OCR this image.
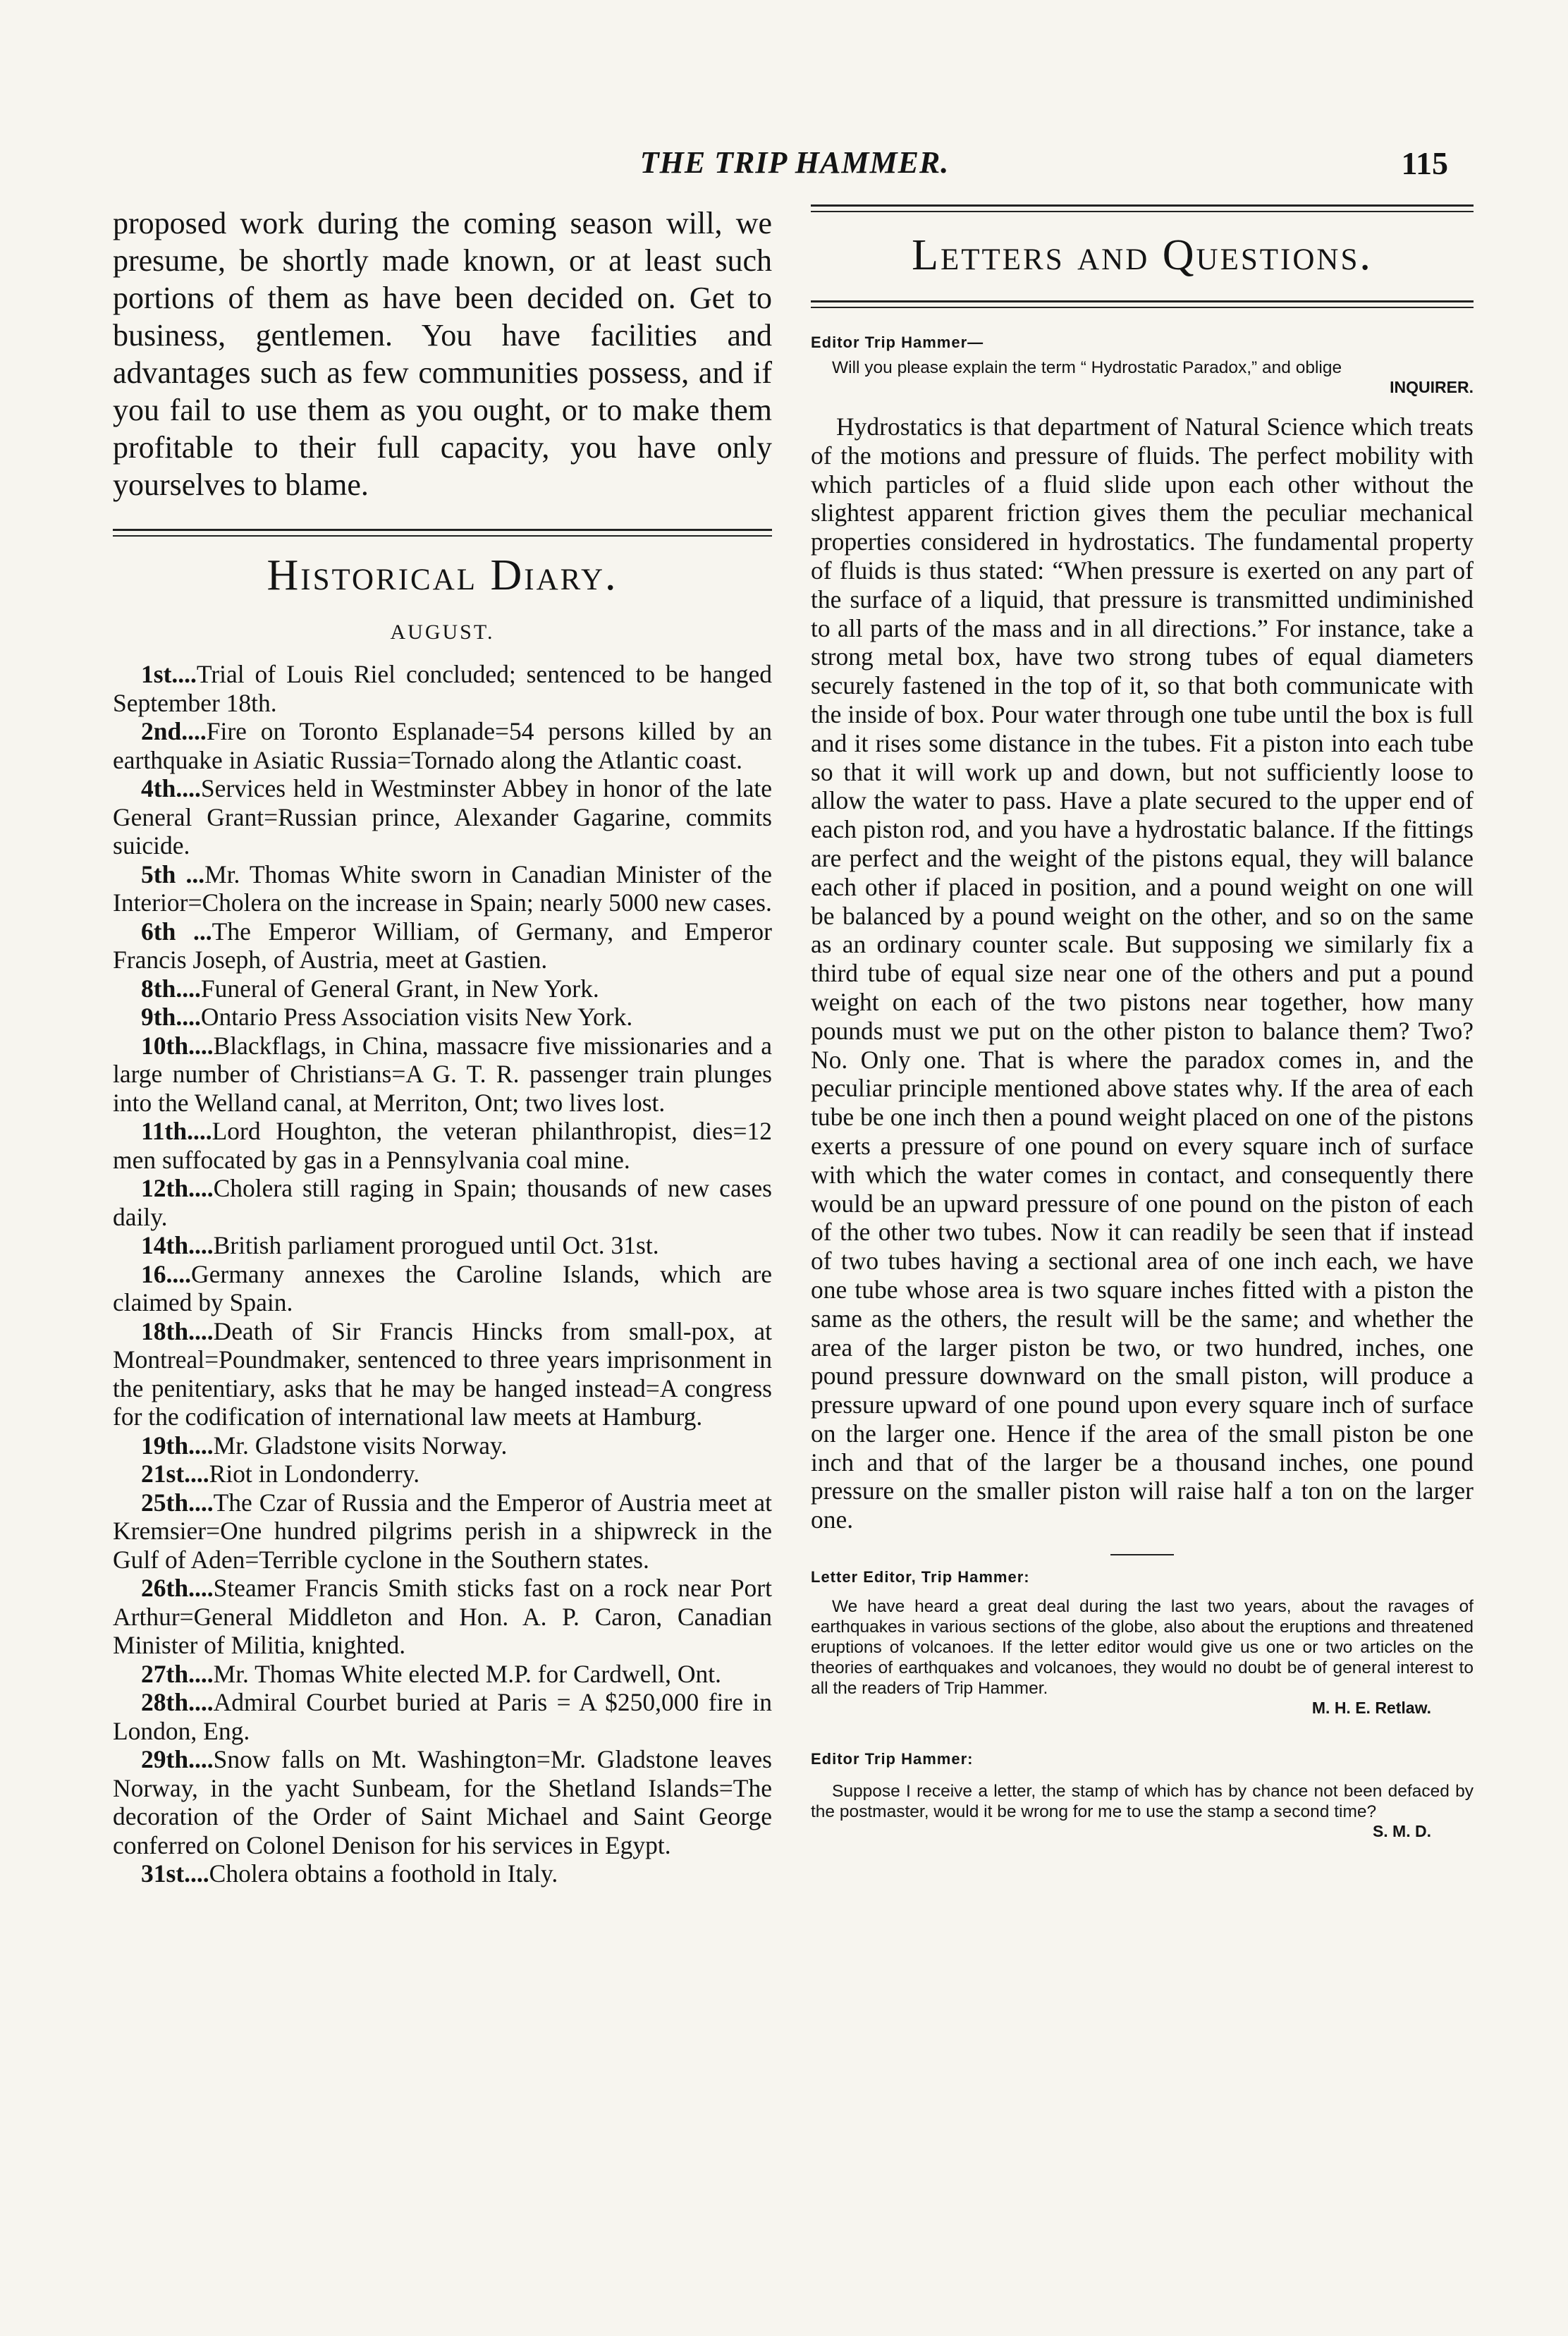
THE TRIP HAMMER.	115

proposed work during the coming season will, we presume, be shortly made known, or at least such portions of them as have been decided on. Get to business, gentlemen. You have facilities and advantages such as few communities possess, and if you fail to use them as you ought, or to make them profitable to their full capacity, you have only yourselves to blame.

Historical Diary.
AUGUST.

1st....Trial of Louis Riel concluded; sentenced to be hanged September 18th.

2nd....Fire on Toronto Esplanade=54 persons killed by an earthquake in Asiatic Russia=Tornado along the Atlantic coast.

4th....Services held in Westminster Abbey in honor of the late General Grant=Russian prince, Alexander Gagarine, commits suicide.

5th ...Mr. Thomas White sworn in Canadian Minister of the Interior=Cholera on the increase in Spain; nearly 5000 new cases.

6th ...The Emperor William, of Germany, and Emperor Francis Joseph, of Austria, meet at Gastien.

8th....Funeral of General Grant, in New York.

9th....Ontario Press Association visits New York.

10th....Blackflags, in China, massacre five missionaries and a large number of Christians=A G. T. R. passenger train plunges into the Welland canal, at Merriton, Ont; two lives lost.

11th....Lord Houghton, the veteran philanthropist, dies=12 men suffocated by gas in a Pennsylvania coal mine.

12th....Cholera still raging in Spain; thousands of new cases daily.

14th....British parliament prorogued until Oct. 31st.

16....Germany annexes the Caroline Islands, which are claimed by Spain.

18th....Death of Sir Francis Hincks from small-pox, at Montreal=Poundmaker, sentenced to three years imprisonment in the penitentiary, asks that he may be hanged instead=A congress for the codification of international law meets at Hamburg.

19th....Mr. Gladstone visits Norway.

21st....Riot in Londonderry.

25th....The Czar of Russia and the Emperor of Austria meet at Kremsier=One hundred pilgrims perish in a shipwreck in the Gulf of Aden=Terrible cyclone in the Southern states.

26th....Steamer Francis Smith sticks fast on a rock near Port Arthur=General Middleton and Hon. A. P. Caron, Canadian Minister of Militia, knighted.

27th....Mr. Thomas White elected M.P. for Cardwell, Ont.

28th....Admiral Courbet buried at Paris = A $250,000 fire in London, Eng.

29th....Snow falls on Mt. Washington=Mr. Gladstone leaves Norway, in the yacht Sunbeam, for the Shetland Islands=The decoration of the Order of Saint Michael and Saint George conferred on Colonel Denison for his services in Egypt.

31st....Cholera obtains a foothold in Italy.

Letters and Questions.

Editor Trip Hammer—

Will you please explain the term “ Hydrostatic Paradox,” and oblige

INQUIRER.

Hydrostatics is that department of Natural Science which treats of the motions and pressure of fluids. The perfect mobility with which particles of a fluid slide upon each other without the slightest apparent friction gives them the peculiar mechanical properties considered in hydrostatics. The fundamental property of fluids is thus stated: “When pressure is exerted on any part of the surface of a liquid, that pressure is transmitted undiminished to all parts of the mass and in all directions.” For instance, take a strong metal box, have two strong tubes of equal diameters securely fastened in the top of it, so that both communicate with the inside of box. Pour water through one tube until the box is full and it rises some distance in the tubes. Fit a piston into each tube so that it will work up and down, but not sufficiently loose to allow the water to pass. Have a plate secured to the upper end of each piston rod, and you have a hydrostatic balance. If the fittings are perfect and the weight of the pistons equal, they will balance each other if placed in position, and a pound weight on one will be balanced by a pound weight on the other, and so on the same as an ordinary counter scale. But supposing we similarly fix a third tube of equal size near one of the others and put a pound weight on each of the two pistons near together, how many pounds must we put on the other piston to balance them? Two? No. Only one. That is where the paradox comes in, and the peculiar principle mentioned above states why. If the area of each tube be one inch then a pound weight placed on one of the pistons exerts a pressure of one pound on every square inch of surface with which the water comes in contact, and consequently there would be an upward pressure of one pound on the piston of each of the other two tubes. Now it can readily be seen that if instead of two tubes having a sectional area of one inch each, we have one tube whose area is two square inches fitted with a piston the same as the others, the result will be the same; and whether the area of the larger piston be two, or two hundred, inches, one pound pressure downward on the small piston, will produce a pressure upward of one pound upon every square inch of surface on the larger one. Hence if the area of the small piston be one inch and that of the larger be a thousand inches, one pound pressure on the smaller piston will raise half a ton on the larger one.

Letter Editor, Trip Hammer:

We have heard a great deal during the last two years, about the ravages of earthquakes in various sections of the globe, also about the eruptions and threatened eruptions of volcanoes. If the letter editor would give us one or two articles on the theories of earthquakes and volcanoes, they would no doubt be of general interest to all the readers of Trip Hammer.

M. H. E. Retlaw.

Editor Trip Hammer:

Suppose I receive a letter, the stamp of which has by chance not been defaced by the postmaster, would it be wrong for me to use the stamp a second time?

S. M. D.
